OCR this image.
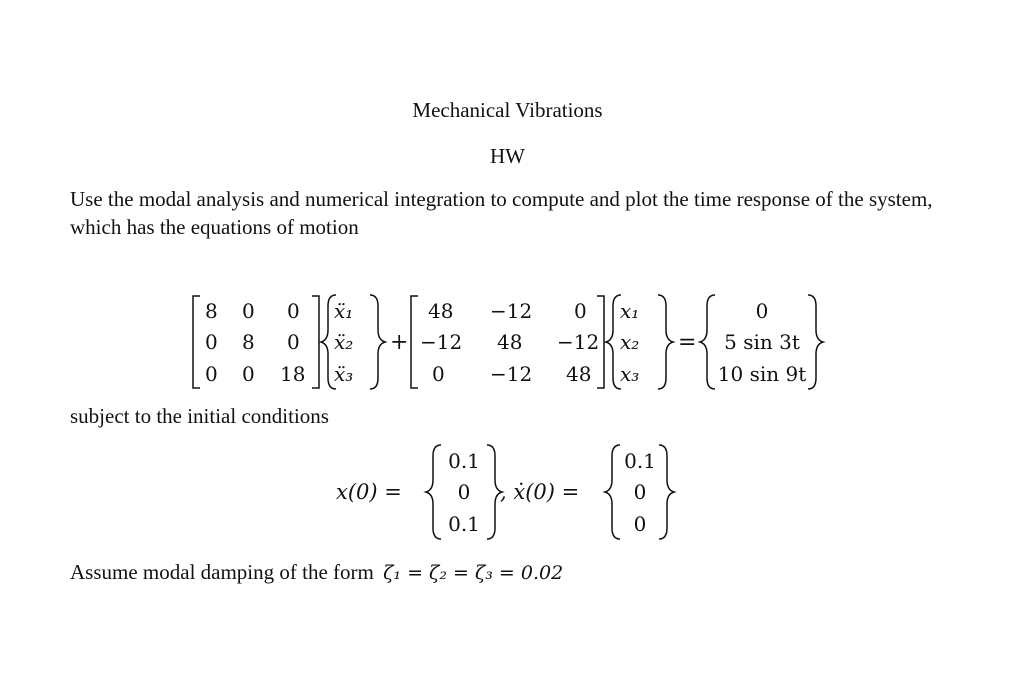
Mechanical Vibrations
HW
Use the modal analysis and numerical integration to compute and plot the time response of the system, which has the equations of motion
8 0 0
0 8 0
0 0 18
ẍ₁
ẍ₂
ẍ₃
+
48 −12 0
−12 48 −12
0 −12 48
x₁
x₂
x₃
=
0
5 sin 3t
10 sin 9t
subject to the initial conditions
x(0) =
0.1
0
0.1
, ẋ(0) =
0.1
0
0
Assume modal damping of the form ζ₁ = ζ₂ = ζ₃ = 0.02
